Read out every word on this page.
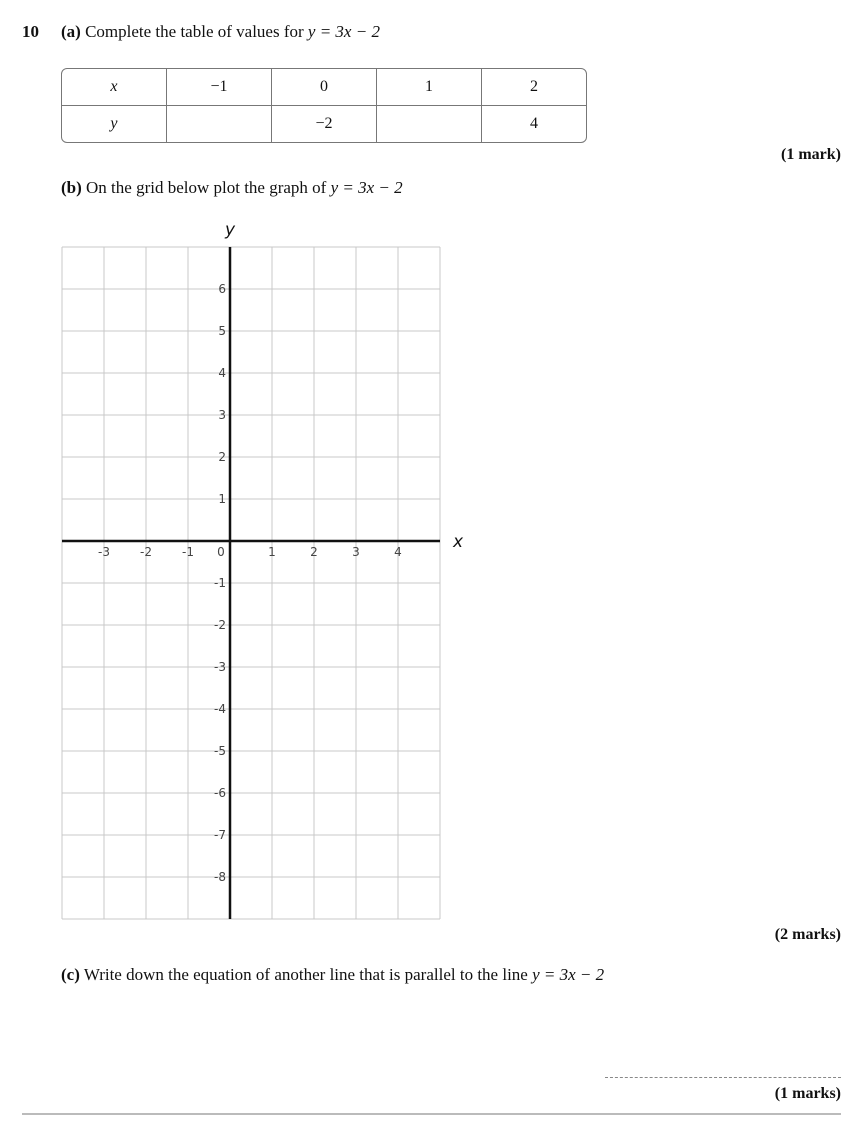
10 (a) Complete the table of values for y = 3x − 2
x	−1	0	1	2
y		−2		4
(1 mark)
(b) On the grid below plot the graph of y = 3x − 2
-3	-2	-1 0	1	2	3	4
6
5
4
3
2
1
-1
-2
-3
-4
-5
-6
-7
-8
y
x
(2 marks)
(c) Write down the equation of another line that is parallel to the line y = 3x − 2
(1 marks)
